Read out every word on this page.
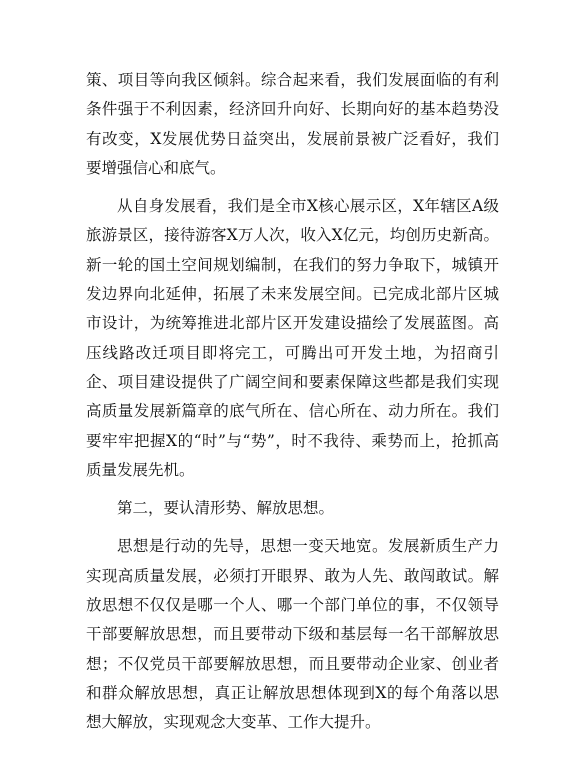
策、项目等向我区倾斜。综合起来看，我们发展面临的有利条件强于不利因素，经济回升向好、长期向好的基本趋势没有改变，X发展优势日益突出，发展前景被广泛看好，我们要增强信心和底气。

从自身发展看，我们是全市X核心展示区，X年辖区A级旅游景区，接待游客X万人次，收入X亿元，均创历史新高。新一轮的国土空间规划编制，在我们的努力争取下，城镇开发边界向北延伸，拓展了未来发展空间。已完成北部片区城市设计，为统筹推进北部片区开发建设描绘了发展蓝图。高压线路改迁项目即将完工，可腾出可开发土地，为招商引企、项目建设提供了广阔空间和要素保障这些都是我们实现高质量发展新篇章的底气所在、信心所在、动力所在。我们要牢牢把握X的“时”与“势”，时不我待、乘势而上，抢抓高质量发展先机。

第二，要认清形势、解放思想。

思想是行动的先导，思想一变天地宽。发展新质生产力实现高质量发展，必须打开眼界、敢为人先、敢闯敢试。解放思想不仅仅是哪一个人、哪一个部门单位的事，不仅领导干部要解放思想，而且要带动下级和基层每一名干部解放思想；不仅党员干部要解放思想，而且要带动企业家、创业者和群众解放思想，真正让解放思想体现到X的每个角落以思想大解放，实现观念大变革、工作大提升。
